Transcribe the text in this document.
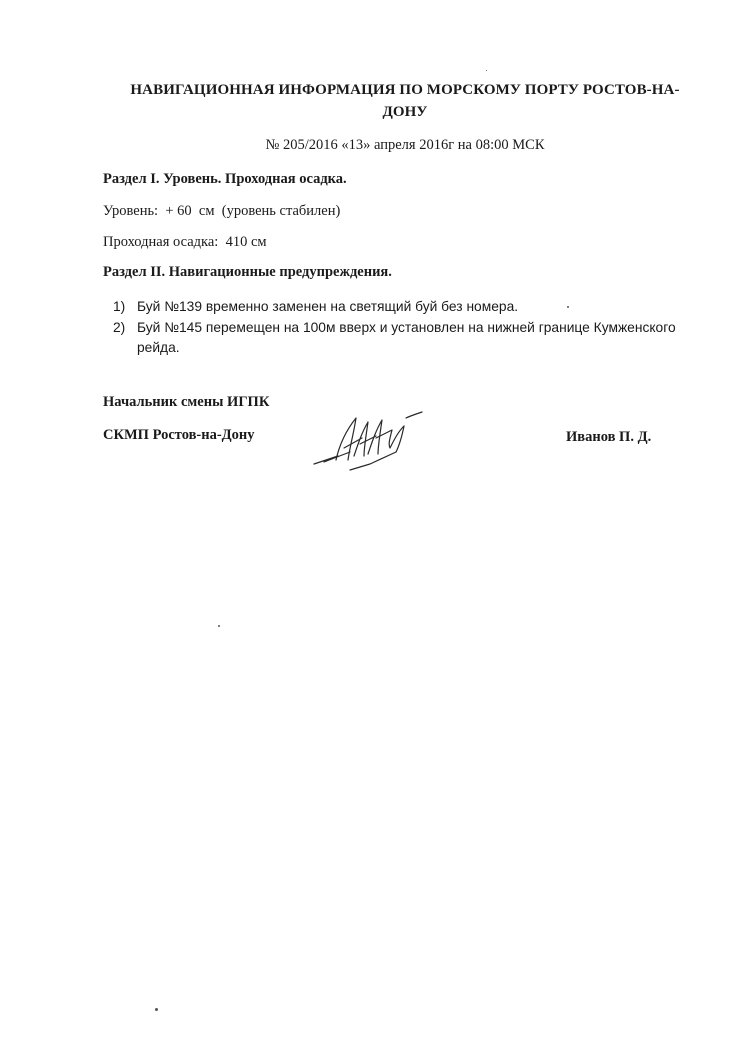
НАВИГАЦИОННАЯ ИНФОРМАЦИЯ ПО МОРСКОМУ ПОРТУ РОСТОВ-НА-ДОНУ
№ 205/2016 «13» апреля 2016г на 08:00 МСК
Раздел I. Уровень. Проходная осадка.
Уровень:  + 60  см  (уровень стабилен)
Проходная осадка:  410 см
Раздел II. Навигационные предупреждения.
1) Буй №139 временно заменен на светящий буй без номера.
2) Буй №145 перемещен на 100м вверх и установлен на нижней границе Кумженского рейда.
Начальник смены ИГПК
СКМП Ростов-на-Дону	Иванов П. Д.
